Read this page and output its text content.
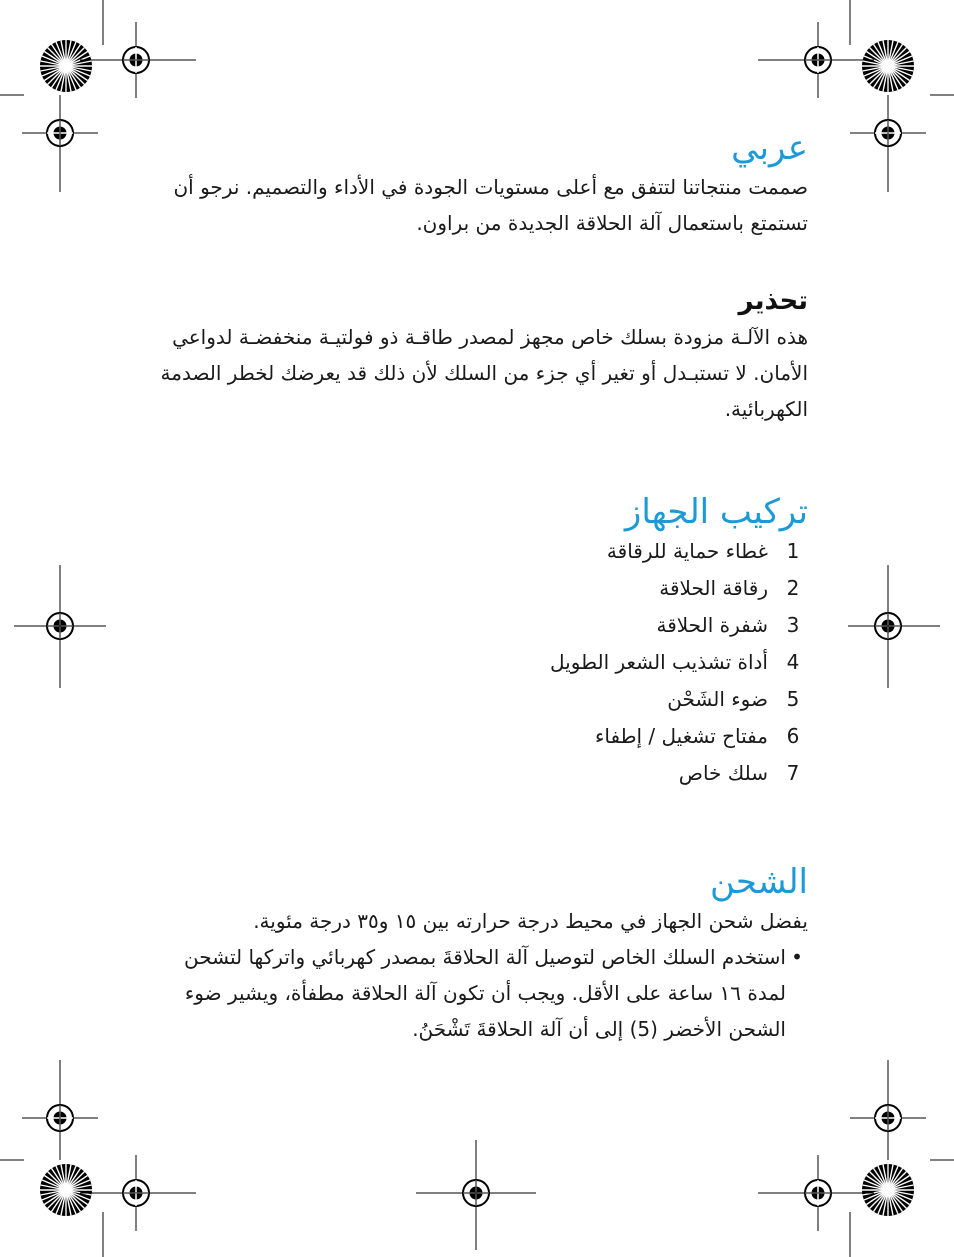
عربي

صممت منتجاتنا لتتفق مع أعلى مستويات الجودة في الأداء والتصميم. نرجو أن تستمتع باستعمال آلة الحلاقة الجديدة من براون.

تحذير

هذه الآلـة مزودة بسلك خاص مجهز لمصدر طاقـة ذو فولتيـة منخفضـة لدواعي الأمان. لا تستبـدل أو تغير أي جزء من السلك لأن ذلك قد يعرضك لخطر الصدمة الكهربائية.

تركيب الجهاز
1
غطاء حماية للرقاقة
2
رقاقة الحلاقة
3
شفرة الحلاقة
4
أداة تشذيب الشعر الطويل
5
ضوء الشَحْن
6
مفتاح تشغيل / إطفاء
7
سلك خاص
الشحن

يفضل شحن الجهاز في محيط درجة حرارته بين ١٥ و٣٥ درجة مئوية.

•
استخدم السلك الخاص لتوصيل آلة الحلاقةَ بمصدر كهربائي واتركها لتشحن لمدة ١٦ ساعة على الأقل. ويجب أن تكون آلة الحلاقة مطفأة، ويشير ضوء الشحن الأخضر (5) إلى أن آلة الحلاقةَ تَشْحَنُ.
